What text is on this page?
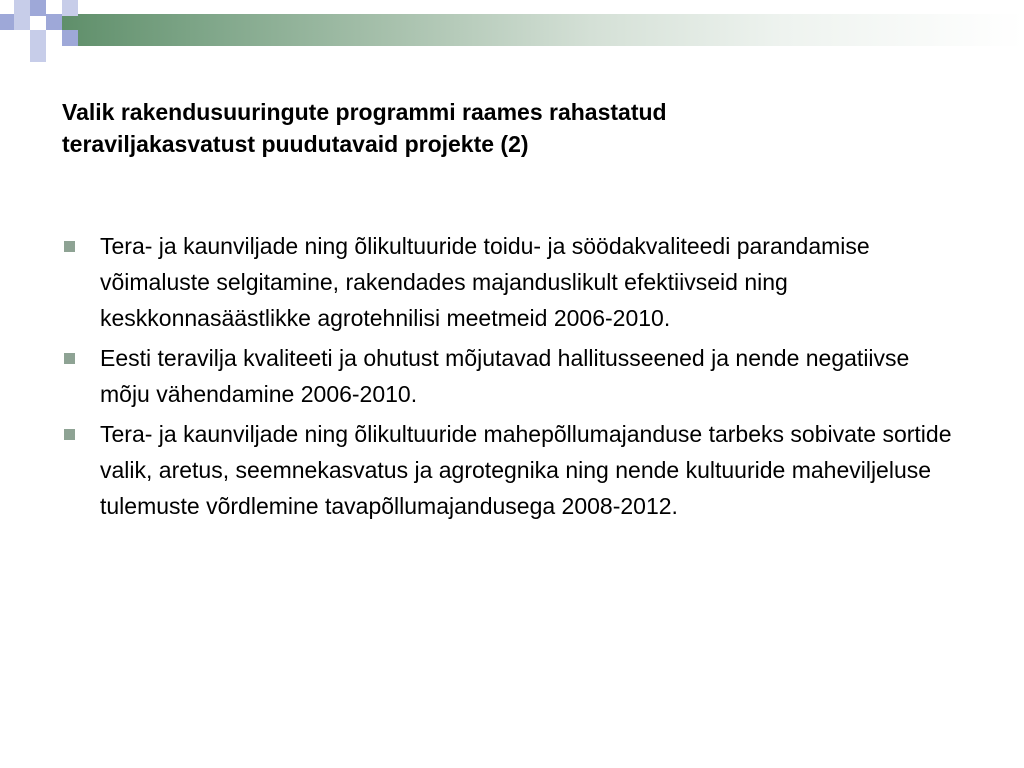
Valik rakendusuuringute programmi raames rahastatud
teraviljakasvatust puudutavaid projekte (2)
Tera- ja kaunviljade ning õlikultuuride toidu- ja söödakvaliteedi parandamise võimaluste selgitamine, rakendades majanduslikult efektiivseid ning keskkonnasäästlikke agrotehnilisi meetmeid 2006-2010.
Eesti teravilja kvaliteeti ja ohutust mõjutavad hallitusseened ja nende negatiivse mõju vähendamine 2006-2010.
Tera- ja kaunviljade ning õlikultuuride mahepõllumajanduse tarbeks sobivate sortide valik, aretus, seemnekasvatus ja agrotegnika ning nende kultuuride maheviljeluse tulemuste võrdlemine tavapõllumajandusega 2008-2012.
